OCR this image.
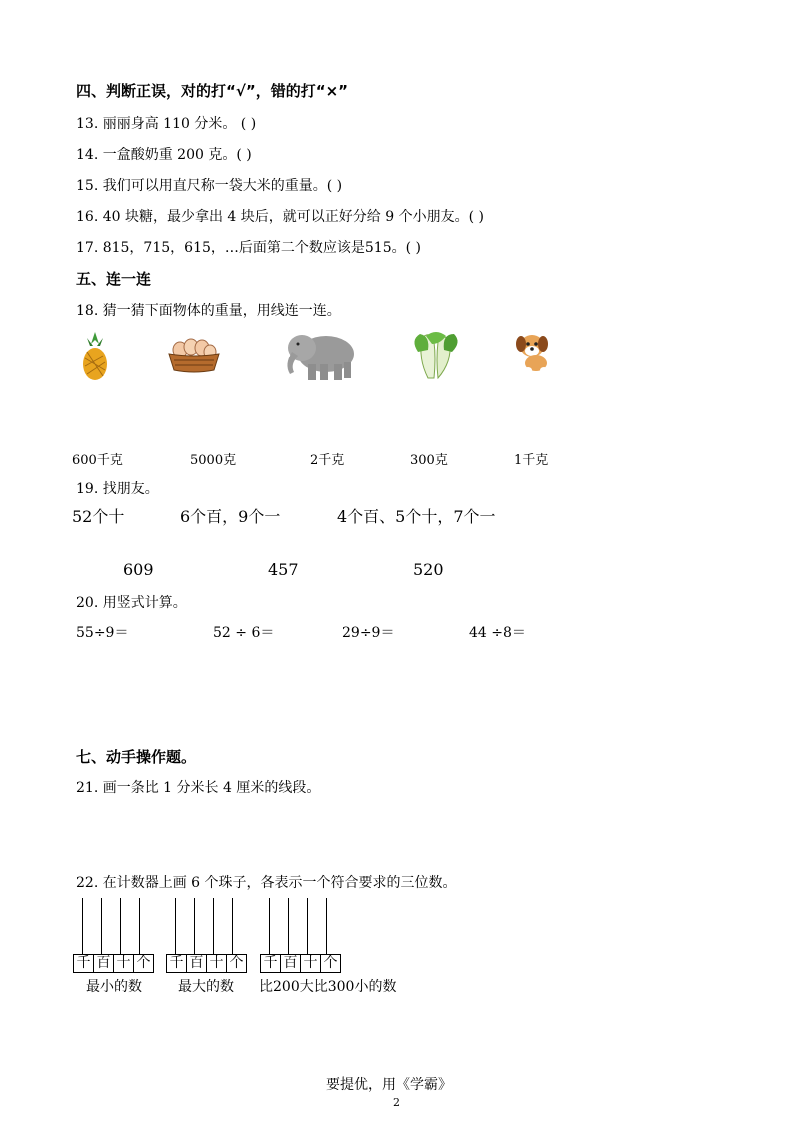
四、判断正误，对的打“√”，错的打“×”
13. 丽丽身高 110 分米。 ( )
14. 一盒酸奶重 200 克。( )
15. 我们可以用直尺称一袋大米的重量。( )
16. 40 块糖，最少拿出 4 块后，就可以正好分给 9 个小朋友。( )
17. 815，715，615，…后面第二个数应该是515。( )
五、连一连
18. 猜一猜下面物体的重量，用线连一连。
600千克	5000克	2千克	300克	1千克
19. 找朋友。
52个十	6个百，9个一	4个百、5个十，7个一
609	457	520
20. 用竖式计算。
55÷9＝	52 ÷ 6＝	29÷9＝	44 ÷8＝
七、动手操作题。
21. 画一条比 1 分米长 4 厘米的线段。
22. 在计数器上画 6 个珠子，各表示一个符合要求的三位数。
千 百 十 个 千 百 十 个 千 百 十 个
最小的数	最大的数 比200大比300小的数
要提优，用《学霸》
2
